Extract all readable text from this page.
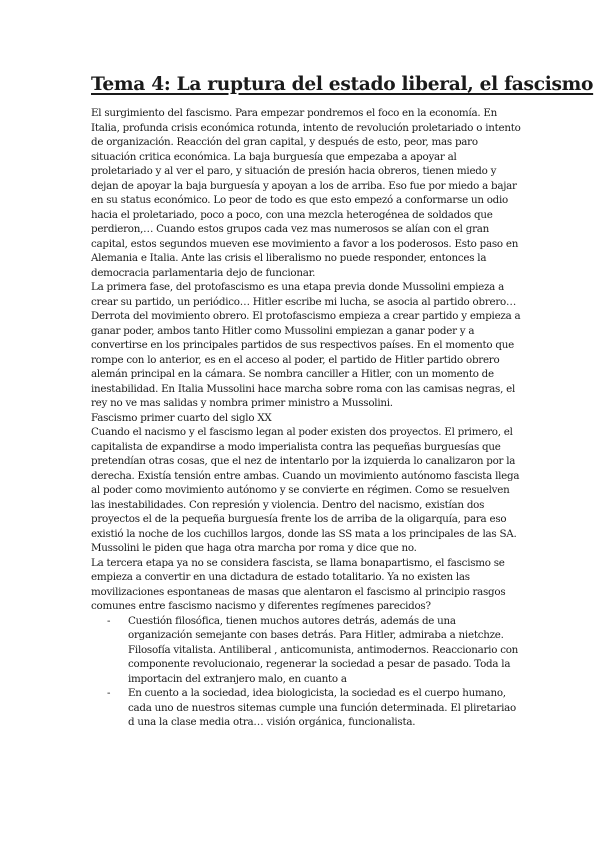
Tema 4: La ruptura del estado liberal, el fascismo

El surgimiento del fascismo. Para empezar pondremos el foco en la economía. En Italia, profunda crisis económica rotunda, intento de revolución proletariado o intento de organización. Reacción del gran capital, y después de esto, peor, mas paro situación critica económica. La baja burguesía que empezaba a apoyar al proletariado y al ver el paro, y situación de presión hacia obreros, tienen miedo y dejan de apoyar la baja burguesía y apoyan a los de arriba. Eso fue por miedo a bajar en su status económico. Lo peor de todo es que esto empezó a conformarse un odio hacia el proletariado, poco a poco, con una mezcla heterogénea de soldados que perdieron,… Cuando estos grupos cada vez mas numerosos se alían con el gran capital, estos segundos mueven ese movimiento a favor a los poderosos. Esto paso en Alemania e Italia. Ante las crisis el liberalismo no puede responder, entonces la democracia parlamentaria dejo de funcionar.

La primera fase, del protofascismo es una etapa previa donde Mussolini empieza a crear su partido, un periódico… Hitler escribe mi lucha, se asocia al partido obrero…

Derrota del movimiento obrero. El protofascismo empieza a crear partido y empieza a ganar poder, ambos tanto Hitler como Mussolini empiezan a ganar poder y a convertirse en los principales partidos de sus respectivos países. En el momento que rompe con lo anterior, es en el acceso al poder, el partido de Hitler partido obrero alemán principal en la cámara. Se nombra canciller a Hitler, con un momento de inestabilidad. En Italia Mussolini hace marcha sobre roma con las camisas negras, el rey no ve mas salidas y nombra primer ministro a Mussolini.

Fascismo primer cuarto del siglo XX

Cuando el nacismo y el fascismo legan al poder existen dos proyectos. El primero, el capitalista de expandirse a modo imperialista contra las pequeñas burguesías que pretendían otras cosas, que el nez de intentarlo por la izquierda lo canalizaron por la derecha. Existía tensión entre ambas. Cuando un movimiento autónomo fascista llega al poder como movimiento autónomo y se convierte en régimen. Como se resuelven las inestabilidades. Con represión y violencia. Dentro del nacismo, existían dos proyectos el de la pequeña burguesía frente los de arriba de la oligarquía, para eso existió la noche de los cuchillos largos, donde las SS mata a los principales de las SA. Mussolini le piden que haga otra marcha por roma y dice que no.

La tercera etapa ya no se considera fascista, se llama bonapartismo, el fascismo se empieza a convertir en una dictadura de estado totalitario. Ya no existen las movilizaciones espontaneas de masas que alentaron el fascismo al principio rasgos comunes entre fascismo nacismo y diferentes regímenes parecidos?

- Cuestión filosófica, tienen muchos autores detrás, además de una organización semejante con bases detrás. Para Hitler, admiraba a nietchze. Filosofía vitalista. Antiliberal , anticomunista, antimodernos. Reaccionario con componente revolucionaio, regenerar la sociedad a pesar de pasado. Toda la importacin del extranjero malo, en cuanto a
- En cuento a la sociedad, idea biologicista, la sociedad es el cuerpo humano, cada uno de nuestros sitemas cumple una función determinada. El pliretariao d una la clase media otra… visión orgánica, funcionalista.
